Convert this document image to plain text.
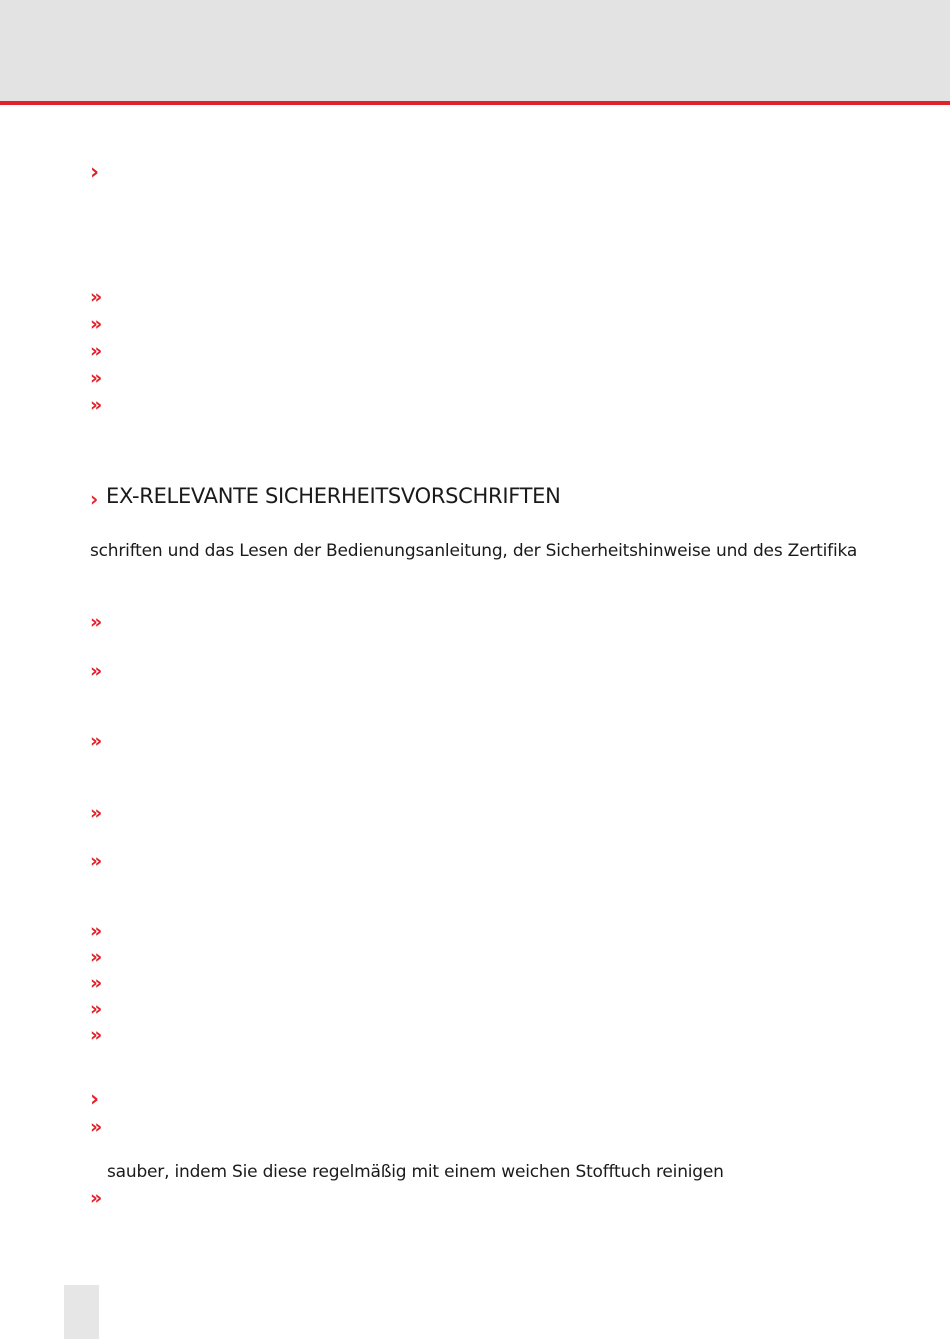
›
»
»
»
»
»
› EX-RELEVANTE SICHERHEITSVORSCHRIFTEN
schriften und das Lesen der Bedienungsanleitung, der Sicherheitshinweise und des Zertifika
»
»
»
»
»
»
»
»
»
»
›
»
sauber, indem Sie diese regelmäßig mit einem weichen Stofftuch reinigen
»
